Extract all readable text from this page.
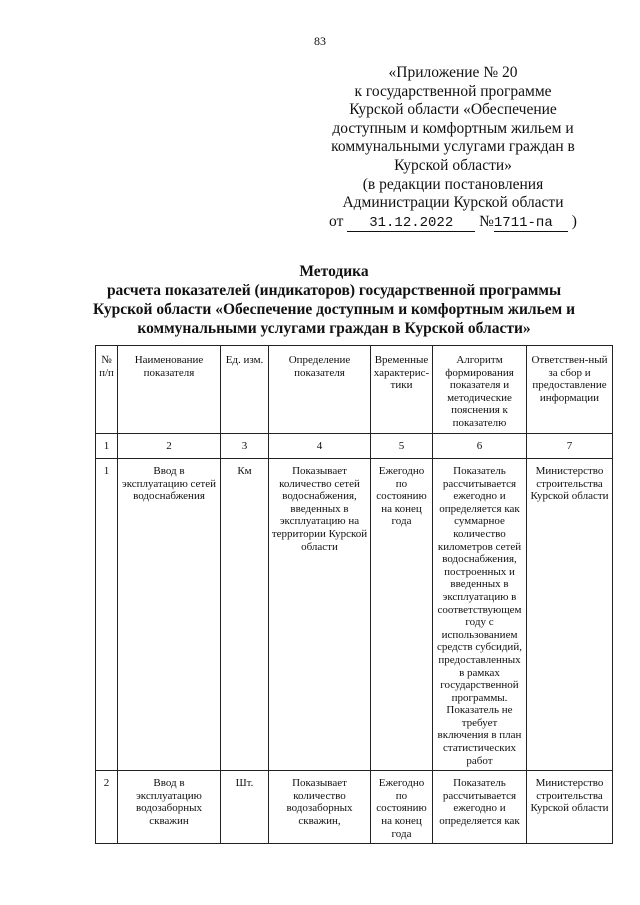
83
«Приложение № 20
к государственной программе
Курской области «Обеспечение
доступным и комфортным жильем и
коммунальными услугами граждан в
Курской области»
(в редакции постановления
Администрации Курской области
от 31.12.2022 №1711-па )
Методика
расчета показателей (индикаторов) государственной программы
Курской области «Обеспечение доступным и комфортным жильем и
коммунальными услугами граждан в Курской области»
№ п/п	Наименование показателя	Ед. изм.	Определение показателя	Временные характерис-тики	Алгоритм формирования показателя и методические пояснения к показателю	Ответствен-ный за сбор и предоставление информации
1	2	3	4	5	6	7
1	Ввод в эксплуатацию сетей водоснабжения	Км	Показывает количество сетей водоснабжения, введенных в эксплуатацию на территории Курской области	Ежегодно по состоянию на конец года	Показатель рассчитывается ежегодно и определяется как суммарное количество километров сетей водоснабжения, построенных и введенных в эксплуатацию в соответствующем году с использованием средств субсидий, предоставленных в рамках государственной программы. Показатель не требует включения в план статистических работ	Министерство строительства Курской области
2	Ввод в эксплуатацию водозаборных скважин	Шт.	Показывает количество водозаборных скважин,	Ежегодно по состоянию на конец года	Показатель рассчитывается ежегодно и определяется как	Министерство строительства Курской области
